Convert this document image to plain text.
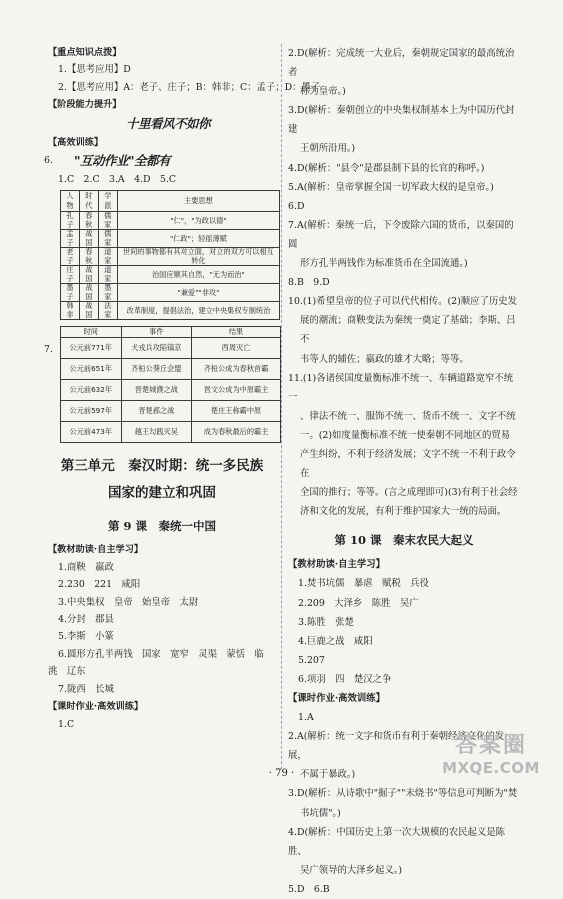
【重点知识点拨】
1.【思考应用】D
2.【思考应用】A：老子、庄子；B：韩非；C：孟子；D：墨子
【阶段能力提升】
十里看风不如你
【高效训练】
"互动作业"全都有
1.C　2.C　3.A　4.D　5.C
人物	时代	学派	主要思想
孔子	春秋	儒家	"仁"，"为政以德"
孟子	战国	儒家	"仁政"；轻徭薄赋
老子	春秋	道家	世间的事物都有其对立面，对立的双方可以相互转化
庄子	战国	道家	治国应顺其自然，"无为而治"
墨子	战国	墨家	"兼爱""非攻"
韩非	战国	法家	改革制度，提倡法治，建立中央集权专制统治
时间	事件	结果
公元前771年	犬戎兵攻陷镐京	西周灭亡
公元前651年	齐桓公葵丘会盟	齐桓公成为春秋首霸
公元前632年	晋楚城濮之战	晋文公成为中原霸主
公元前597年	晋楚邲之战	楚庄王称霸中原
公元前473年	越王勾践灭吴	成为春秋最后的霸主
第三单元　秦汉时期：统一多民族
国家的建立和巩固
第 9 课　秦统一中国
【教材助读·自主学习】
1.商鞅　嬴政
2.230　221　咸阳
3.中央集权　皇帝　始皇帝　太尉
4.分封　郡县
5.李斯　小篆
6.圆形方孔半两钱　国家　宽窄　灵渠　蒙恬　临
洮　辽东
7.陇西　长城
【课时作业·高效训练】
1.C
6.
7.
2.D(解析：完成统一大业后，秦朝规定国家的最高统治者
称为皇帝。)
3.D(解析：秦朝创立的中央集权制基本上为中国历代封建
王朝所沿用。)
4.D(解析："县令"是郡县制下县的长官的称呼。)
5.A(解析：皇帝掌握全国一切军政大权的是皇帝。)
6.D
7.A(解析：秦统一后，下令废除六国的货币，以秦国的圆
形方孔半两钱作为标准货币在全国流通。)
8.B　9.D
10.(1)希望皇帝的位子可以代代相传。(2)顺应了历史发
展的潮流；商鞅变法为秦统一奠定了基础；李斯、吕不
韦等人的辅佐；嬴政的雄才大略；等等。
11.(1)各诸侯国度量衡标准不统一、车辆道路宽窄不统一
、律法不统一、服饰不统一、货币不统一、文字不统
一。(2)如度量衡标准不统一使秦朝不同地区的贸易
产生纠纷，不利于经济发展；文字不统一不利于政令在
全国的推行；等等。(言之成理即可)(3)有利于社会经
济和文化的发展，有利于维护国家大一统的局面。
第 10 课　秦末农民大起义
【教材助读·自主学习】
1.焚书坑儒　暴虐　赋税　兵役
2.209　大泽乡　陈胜　吴广
3.陈胜　张楚
4.巨鹿之战　咸阳
5.207
6.项羽　四　楚汉之争
【课时作业·高效训练】
1.A
2.A(解析：统一文字和货币有利于秦朝经济文化的发展，
不属于暴政。)
3.D(解析：从诗歌中"掘子""未烧书"等信息可判断为"焚
书坑儒"。)
4.D(解析：中国历史上第一次大规模的农民起义是陈胜、
吴广领导的大泽乡起义。)
5.D　6.B
· 79 ·
答案圈
MXQE.COM
